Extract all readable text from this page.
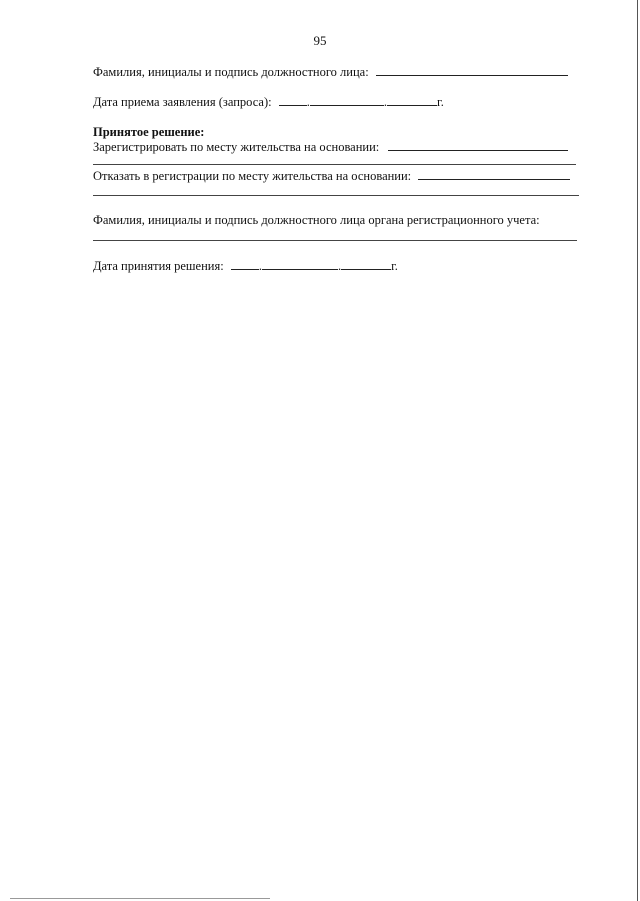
95
Фамилия, инициалы и подпись должностного лица:
Дата приема заявления (запроса):	.	.	г.
Принятое решение:
Зарегистрировать по месту жительства на основании:
Отказать в регистрации по месту жительства на основании:
Фамилия, инициалы и подпись должностного лица органа регистрационного учета:
Дата принятия решения:	.	.	г.
